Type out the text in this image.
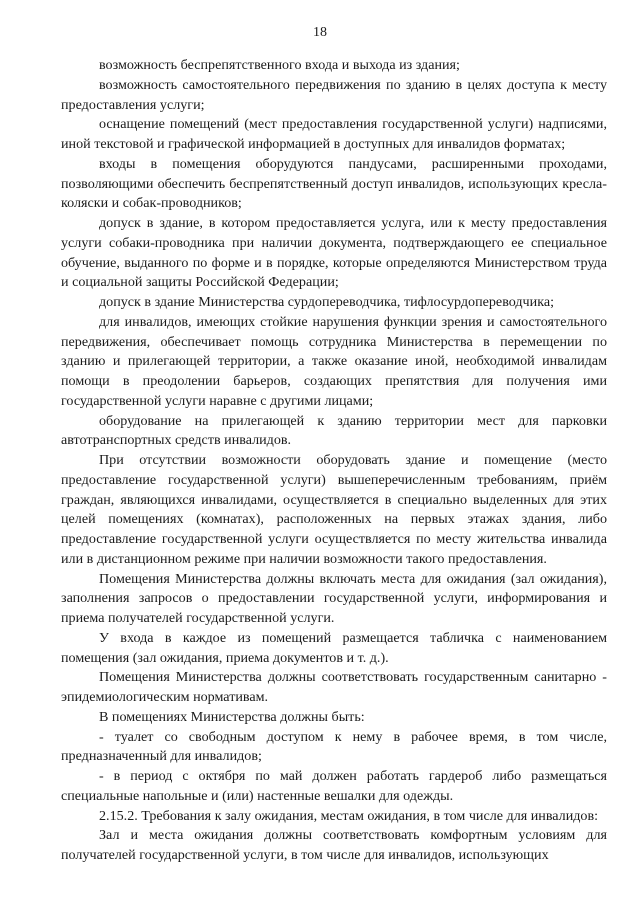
18

возможность беспрепятственного входа и выхода из здания;

возможность самостоятельного передвижения по зданию в целях доступа к месту предоставления услуги;

оснащение помещений (мест предоставления государственной услуги) надписями, иной текстовой и графической информацией в доступных для инвалидов форматах;

входы в помещения оборудуются пандусами, расширенными проходами, позволяющими обеспечить беспрепятственный доступ инвалидов, использующих кресла-коляски и собак-проводников;

допуск в здание, в котором предоставляется услуга, или к месту предоставления услуги собаки-проводника при наличии документа, подтверждающего ее специальное обучение, выданного по форме и в порядке, которые определяются Министерством труда и социальной защиты Российской Федерации;

допуск в здание Министерства сурдопереводчика, тифлосурдопереводчика;

для инвалидов, имеющих стойкие нарушения функции зрения и самостоятельного передвижения, обеспечивает помощь сотрудника Министерства в перемещении по зданию и прилегающей территории, а также оказание иной, необходимой инвалидам помощи в преодолении барьеров, создающих препятствия для получения ими государственной услуги наравне с другими лицами;

оборудование на прилегающей к зданию территории мест для парковки автотранспортных средств инвалидов.

При отсутствии возможности оборудовать здание и помещение (место предоставление государственной услуги) вышеперечисленным требованиям, приём граждан, являющихся инвалидами, осуществляется в специально выделенных для этих целей помещениях (комнатах), расположенных на первых этажах здания, либо предоставление государственной услуги осуществляется по месту жительства инвалида или в дистанционном режиме при наличии возможности такого предоставления.

Помещения Министерства должны включать места для ожидания (зал ожидания), заполнения запросов о предоставлении государственной услуги, информирования и приема получателей государственной услуги.

У входа в каждое из помещений размещается табличка с наименованием помещения (зал ожидания, приема документов и т. д.).

Помещения Министерства должны соответствовать государственным санитарно - эпидемиологическим нормативам.

В помещениях Министерства должны быть:

- туалет со свободным доступом к нему в рабочее время, в том числе, предназначенный для инвалидов;

- в период с октября по май должен работать гардероб либо размещаться специальные напольные и (или) настенные вешалки для одежды.

2.15.2. Требования к залу ожидания, местам ожидания, в том числе для инвалидов:

Зал и места ожидания должны соответствовать комфортным условиям для получателей государственной услуги, в том числе для инвалидов, использующих
